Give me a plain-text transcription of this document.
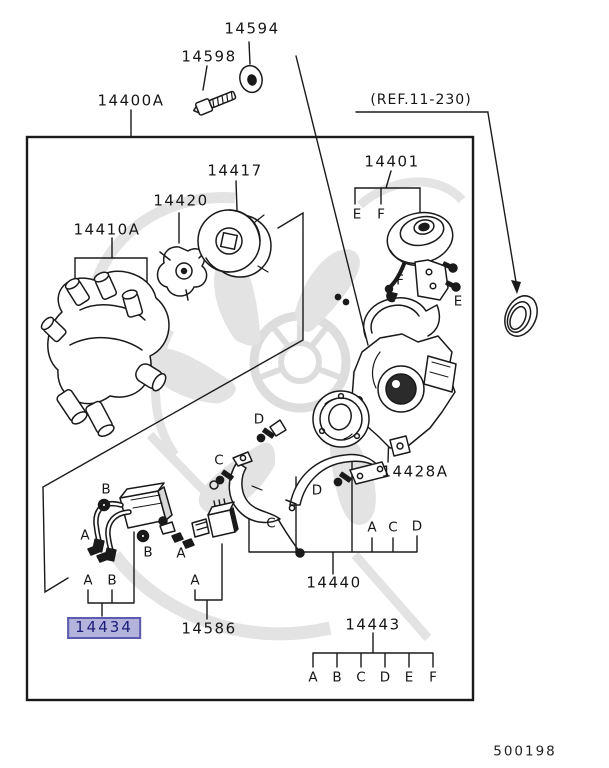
14594
14598
14400A	(REF.11-230)
14417
14420
14410A
14401
14428A
14440
14434	14586	14443
500198
E F
F
E
B
A
B
A B
A
A
D
C
C
D
A C D
A B C D E F
